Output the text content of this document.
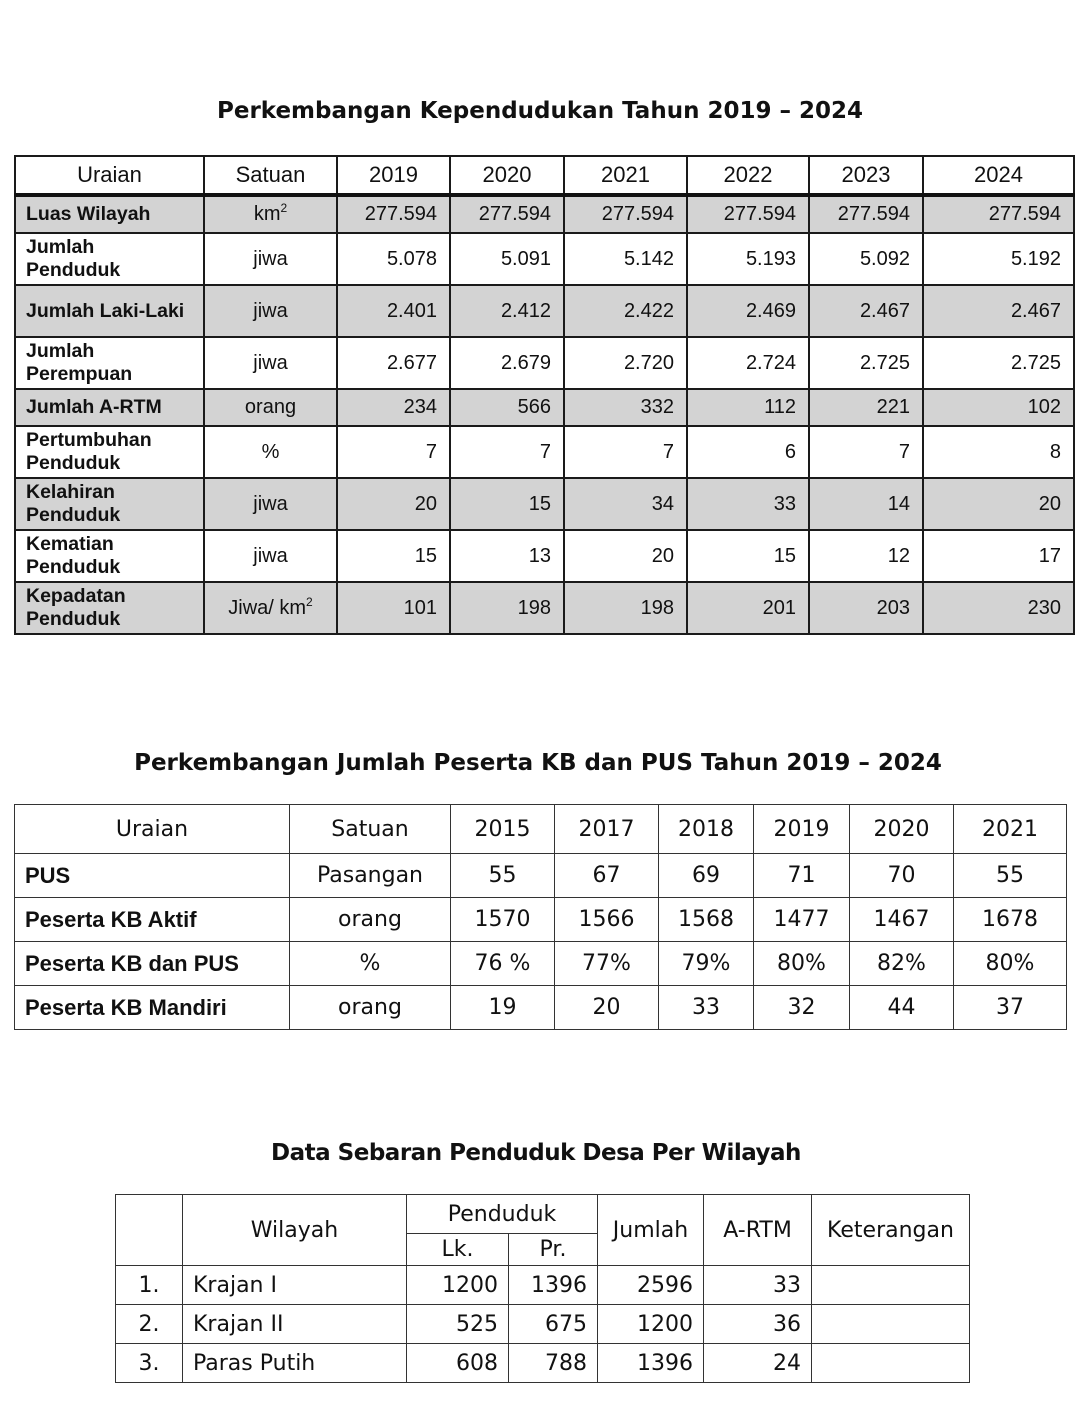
Perkembangan Kependudukan Tahun 2019 – 2024
Uraian	Satuan	2019	2020	2021	2022	2023	2024
Luas Wilayah	$km^2$	277.594	277.594	277.594	277.594	277.594	277.594
Jumlah Penduduk	jiwa	5.078	5.091	5.142	5.193	5.092	5.192
Jumlah Laki-Laki	jiwa	2.401	2.412	2.422	2.469	2.467	2.467
Jumlah Perempuan	jiwa	2.677	2.679	2.720	2.724	2.725	2.725
Jumlah A-RTM	orang	234	566	332	112	221	102
Pertumbuhan Penduduk	%	7	7	7	6	7	8
Kelahiran Penduduk	jiwa	20	15	34	33	14	20
Kematian Penduduk	jiwa	15	13	20	15	12	17
Kepadatan Penduduk	Jiwa/ $km^2$	101	198	198	201	203	230
Perkembangan Jumlah Peserta KB dan PUS Tahun 2019 – 2024
Uraian	Satuan	2015	2017	2018	2019	2020	2021
PUS	Pasangan	55	67	69	71	70	55
Peserta KB Aktif	orang	1570	1566	1568	1477	1467	1678
Peserta KB dan PUS	%	76 %	77%	79%	80%	82%	80%
Peserta KB Mandiri	orang	19	20	33	32	44	37
Data Sebaran Penduduk Desa Per Wilayah
	Wilayah	Penduduk		Jumlah	A-RTM	Keterangan
		Lk.	Pr.			
1.	Krajan I	1200	1396	2596	33	
2.	Krajan II	525	675	1200	36	
3.	Paras Putih	608	788	1396	24	
